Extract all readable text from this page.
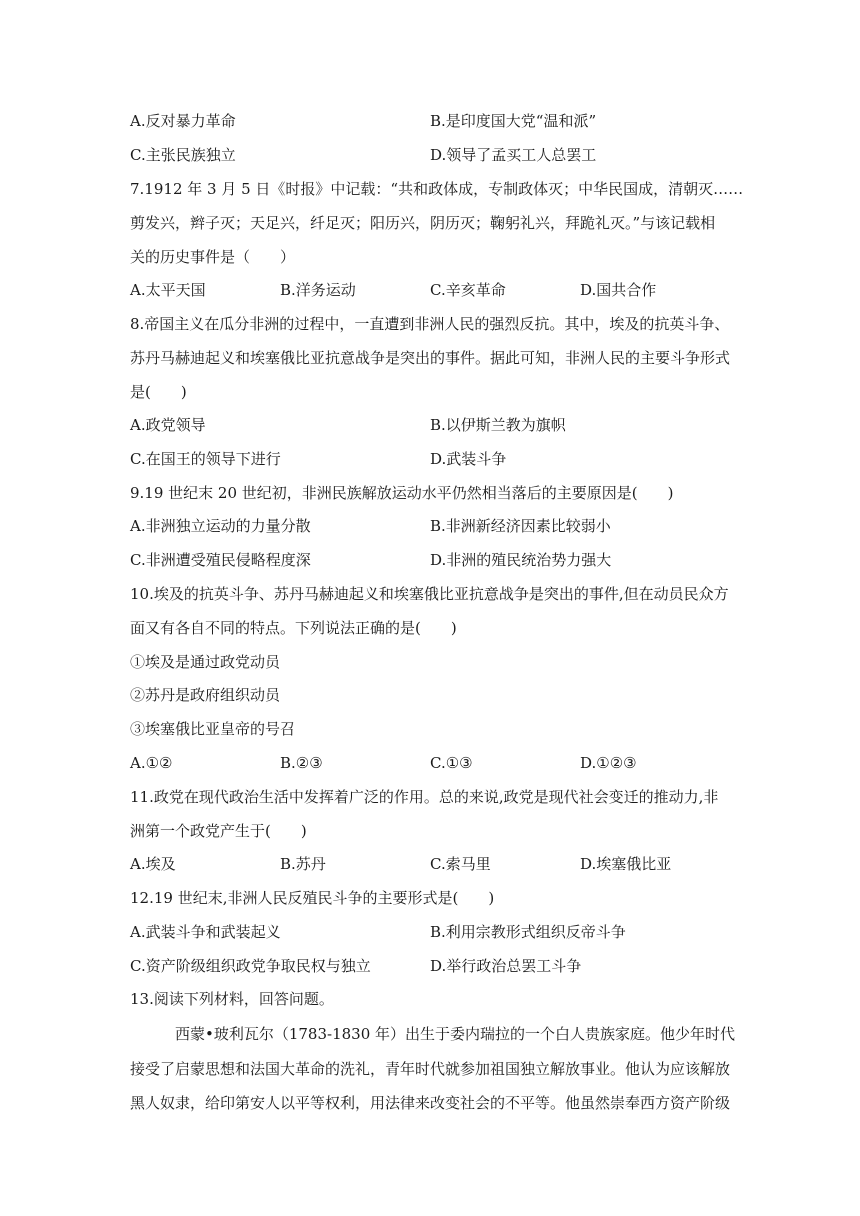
A.反对暴力革命	B.是印度国大党“温和派”
C.主张民族独立	D.领导了孟买工人总罢工
7.1912 年 3 月 5 日《时报》中记载：“共和政体成，专制政体灭；中华民国成，清朝灭……
剪发兴，辫子灭；天足兴，纤足灭；阳历兴，阴历灭；鞠躬礼兴，拜跪礼灭。”与该记载相
关的历史事件是（　　）
A.太平天国	B.洋务运动	C.辛亥革命	D.国共合作
8.帝国主义在瓜分非洲的过程中，一直遭到非洲人民的强烈反抗。其中，埃及的抗英斗争、
苏丹马赫迪起义和埃塞俄比亚抗意战争是突出的事件。据此可知，非洲人民的主要斗争形式
是(　　)
A.政党领导	B.以伊斯兰教为旗帜
C.在国王的领导下进行	D.武装斗争
9.19 世纪末 20 世纪初，非洲民族解放运动水平仍然相当落后的主要原因是(　　)
A.非洲独立运动的力量分散	B.非洲新经济因素比较弱小
C.非洲遭受殖民侵略程度深	D.非洲的殖民统治势力强大
10.埃及的抗英斗争、苏丹马赫迪起义和埃塞俄比亚抗意战争是突出的事件,但在动员民众方
面又有各自不同的特点。下列说法正确的是(　　)
①埃及是通过政党动员
②苏丹是政府组织动员
③埃塞俄比亚皇帝的号召
A.①②	B.②③	C.①③	D.①②③
11.政党在现代政治生活中发挥着广泛的作用。总的来说,政党是现代社会变迁的推动力,非
洲第一个政党产生于(　　)
A.埃及	B.苏丹	C.索马里	D.埃塞俄比亚
12.19 世纪末,非洲人民反殖民斗争的主要形式是(　　)
A.武装斗争和武装起义	B.利用宗教形式组织反帝斗争
C.资产阶级组织政党争取民权与独立	D.举行政治总罢工斗争
13.阅读下列材料，回答问题。
西蒙•玻利瓦尔（1783-1830 年）出生于委内瑞拉的一个白人贵族家庭。他少年时代
接受了启蒙思想和法国大革命的洗礼，青年时代就参加祖国独立解放事业。他认为应该解放
黑人奴隶，给印第安人以平等权利，用法律来改变社会的不平等。他虽然崇奉西方资产阶级
